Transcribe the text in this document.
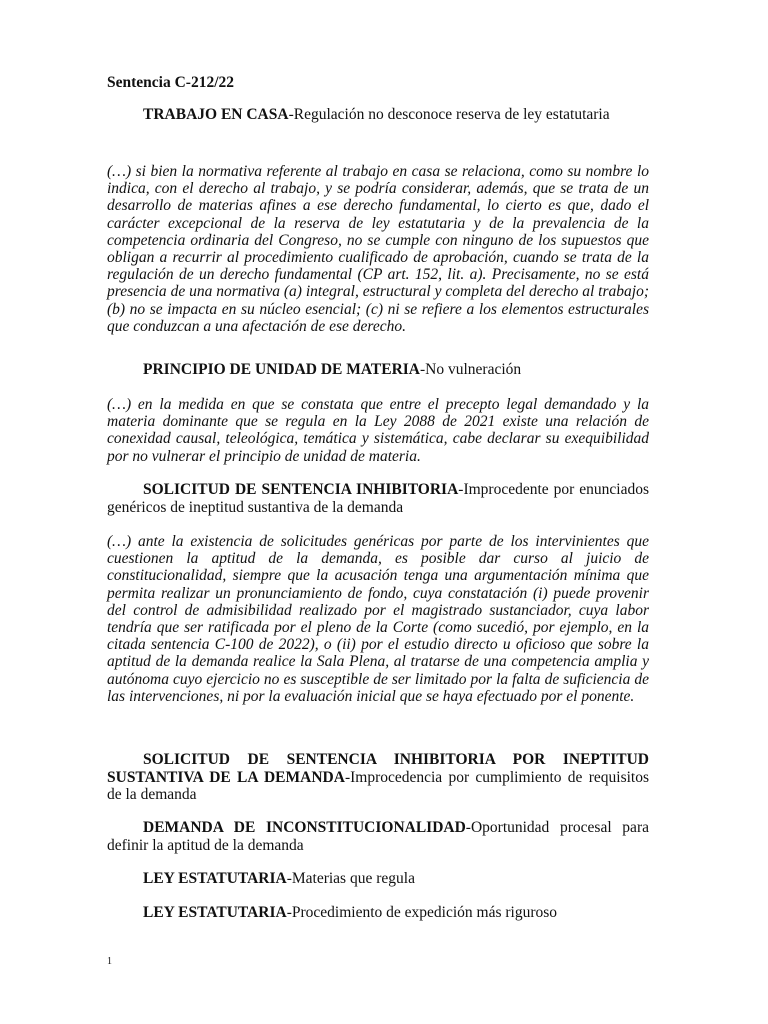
Sentencia C-212/22

TRABAJO EN CASA-Regulación no desconoce reserva de ley estatutaria

(…) si bien la normativa referente al trabajo en casa se relaciona, como su nombre lo indica, con el derecho al trabajo, y se podría considerar, además, que se trata de un desarrollo de materias afines a ese derecho fundamental, lo cierto es que, dado el carácter excepcional de la reserva de ley estatutaria y de la prevalencia de la competencia ordinaria del Congreso, no se cumple con ninguno de los supuestos que obligan a recurrir al procedimiento cualificado de aprobación, cuando se trata de la regulación de un derecho fundamental (CP art. 152, lit. a). Precisamente, no se está presencia de una normativa (a) integral, estructural y completa del derecho al trabajo; (b) no se impacta en su núcleo esencial; (c) ni se refiere a los elementos estructurales que conduzcan a una afectación de ese derecho.

PRINCIPIO DE UNIDAD DE MATERIA-No vulneración

(…) en la medida en que se constata que entre el precepto legal demandado y la materia dominante que se regula en la Ley 2088 de 2021 existe una relación de conexidad causal, teleológica, temática y sistemática, cabe declarar su exequibilidad por no vulnerar el principio de unidad de materia.

SOLICITUD DE SENTENCIA INHIBITORIA-Improcedente por enunciados genéricos de ineptitud sustantiva de la demanda

(…) ante la existencia de solicitudes genéricas por parte de los intervinientes que cuestionen la aptitud de la demanda, es posible dar curso al juicio de constitucionalidad, siempre que la acusación tenga una argumentación mínima que permita realizar un pronunciamiento de fondo, cuya constatación (i) puede provenir del control de admisibilidad realizado por el magistrado sustanciador, cuya labor tendría que ser ratificada por el pleno de la Corte (como sucedió, por ejemplo, en la citada sentencia C-100 de 2022), o (ii) por el estudio directo u oficioso que sobre la aptitud de la demanda realice la Sala Plena, al tratarse de una competencia amplia y autónoma cuyo ejercicio no es susceptible de ser limitado por la falta de suficiencia de las intervenciones, ni por la evaluación inicial que se haya efectuado por el ponente.

SOLICITUD DE SENTENCIA INHIBITORIA POR INEPTITUD SUSTANTIVA DE LA DEMANDA-Improcedencia por cumplimiento de requisitos de la demanda

DEMANDA DE INCONSTITUCIONALIDAD-Oportunidad procesal para definir la aptitud de la demanda

LEY ESTATUTARIA-Materias que regula

LEY ESTATUTARIA-Procedimiento de expedición más riguroso

1
